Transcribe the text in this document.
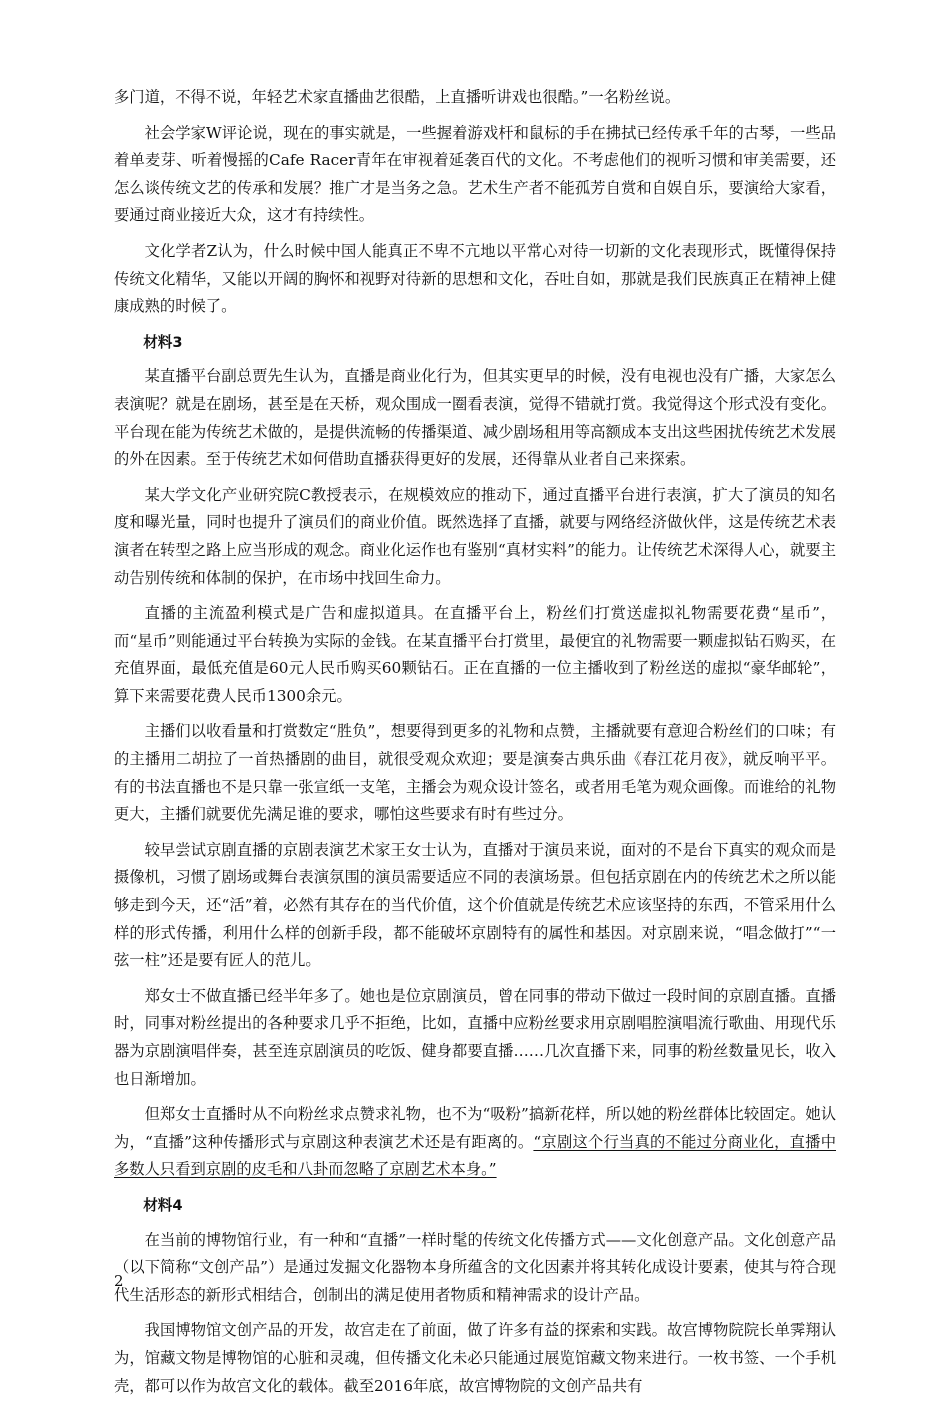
多门道，不得不说，年轻艺术家直播曲艺很酷，上直播听讲戏也很酷。”一名粉丝说。

社会学家W评论说，现在的事实就是，一些握着游戏杆和鼠标的手在拂拭已经传承千年的古琴，一些品着单麦芽、听着慢摇的Cafe Racer青年在审视着延袭百代的文化。不考虑他们的视听习惯和审美需要，还怎么谈传统文艺的传承和发展？推广才是当务之急。艺术生产者不能孤芳自赏和自娱自乐，要演给大家看，要通过商业接近大众，这才有持续性。

文化学者Z认为，什么时候中国人能真正不卑不亢地以平常心对待一切新的文化表现形式，既懂得保持传统文化精华，又能以开阔的胸怀和视野对待新的思想和文化，吞吐自如，那就是我们民族真正在精神上健康成熟的时候了。

材料3

某直播平台副总贾先生认为，直播是商业化行为，但其实更早的时候，没有电视也没有广播，大家怎么表演呢？就是在剧场，甚至是在天桥，观众围成一圈看表演，觉得不错就打赏。我觉得这个形式没有变化。平台现在能为传统艺术做的，是提供流畅的传播渠道、减少剧场租用等高额成本支出这些困扰传统艺术发展的外在因素。至于传统艺术如何借助直播获得更好的发展，还得靠从业者自己来探索。

某大学文化产业研究院C教授表示，在规模效应的推动下，通过直播平台进行表演，扩大了演员的知名度和曝光量，同时也提升了演员们的商业价值。既然选择了直播，就要与网络经济做伙伴，这是传统艺术表演者在转型之路上应当形成的观念。商业化运作也有鉴别“真材实料”的能力。让传统艺术深得人心，就要主动告别传统和体制的保护，在市场中找回生命力。

直播的主流盈利模式是广告和虚拟道具。在直播平台上，粉丝们打赏送虚拟礼物需要花费“星币”，而“星币”则能通过平台转换为实际的金钱。在某直播平台打赏里，最便宜的礼物需要一颗虚拟钻石购买，在充值界面，最低充值是60元人民币购买60颗钻石。正在直播的一位主播收到了粉丝送的虚拟“豪华邮轮”，算下来需要花费人民币1300余元。

主播们以收看量和打赏数定“胜负”，想要得到更多的礼物和点赞，主播就要有意迎合粉丝们的口味；有的主播用二胡拉了一首热播剧的曲目，就很受观众欢迎；要是演奏古典乐曲《春江花月夜》，就反响平平。有的书法直播也不是只靠一张宣纸一支笔，主播会为观众设计签名，或者用毛笔为观众画像。而谁给的礼物更大，主播们就要优先满足谁的要求，哪怕这些要求有时有些过分。

较早尝试京剧直播的京剧表演艺术家王女士认为，直播对于演员来说，面对的不是台下真实的观众而是摄像机，习惯了剧场或舞台表演氛围的演员需要适应不同的表演场景。但包括京剧在内的传统艺术之所以能够走到今天，还“活”着，必然有其存在的当代价值，这个价值就是传统艺术应该坚持的东西，不管采用什么样的形式传播，利用什么样的创新手段，都不能破坏京剧特有的属性和基因。对京剧来说，“唱念做打”“一弦一柱”还是要有匠人的范儿。

郑女士不做直播已经半年多了。她也是位京剧演员，曾在同事的带动下做过一段时间的京剧直播。直播时，同事对粉丝提出的各种要求几乎不拒绝，比如，直播中应粉丝要求用京剧唱腔演唱流行歌曲、用现代乐器为京剧演唱伴奏，甚至连京剧演员的吃饭、健身都要直播……几次直播下来，同事的粉丝数量见长，收入也日渐增加。

但郑女士直播时从不向粉丝求点赞求礼物，也不为“吸粉”搞新花样，所以她的粉丝群体比较固定。她认为，“直播”这种传播形式与京剧这种表演艺术还是有距离的。“京剧这个行当真的不能过分商业化，直播中多数人只看到京剧的皮毛和八卦而忽略了京剧艺术本身。”

材料4

在当前的博物馆行业，有一种和“直播”一样时髦的传统文化传播方式——文化创意产品。文化创意产品（以下简称“文创产品”）是通过发掘文化器物本身所蕴含的文化因素并将其转化成设计要素，使其与符合现代生活形态的新形式相结合，创制出的满足使用者物质和精神需求的设计产品。

我国博物馆文创产品的开发，故宫走在了前面，做了许多有益的探索和实践。故宫博物院院长单霁翔认为，馆藏文物是博物馆的心脏和灵魂，但传播文化未必只能通过展览馆藏文物来进行。一枚书签、一个手机壳，都可以作为故宫文化的载体。截至2016年底，故宫博物院的文创产品共有

2
